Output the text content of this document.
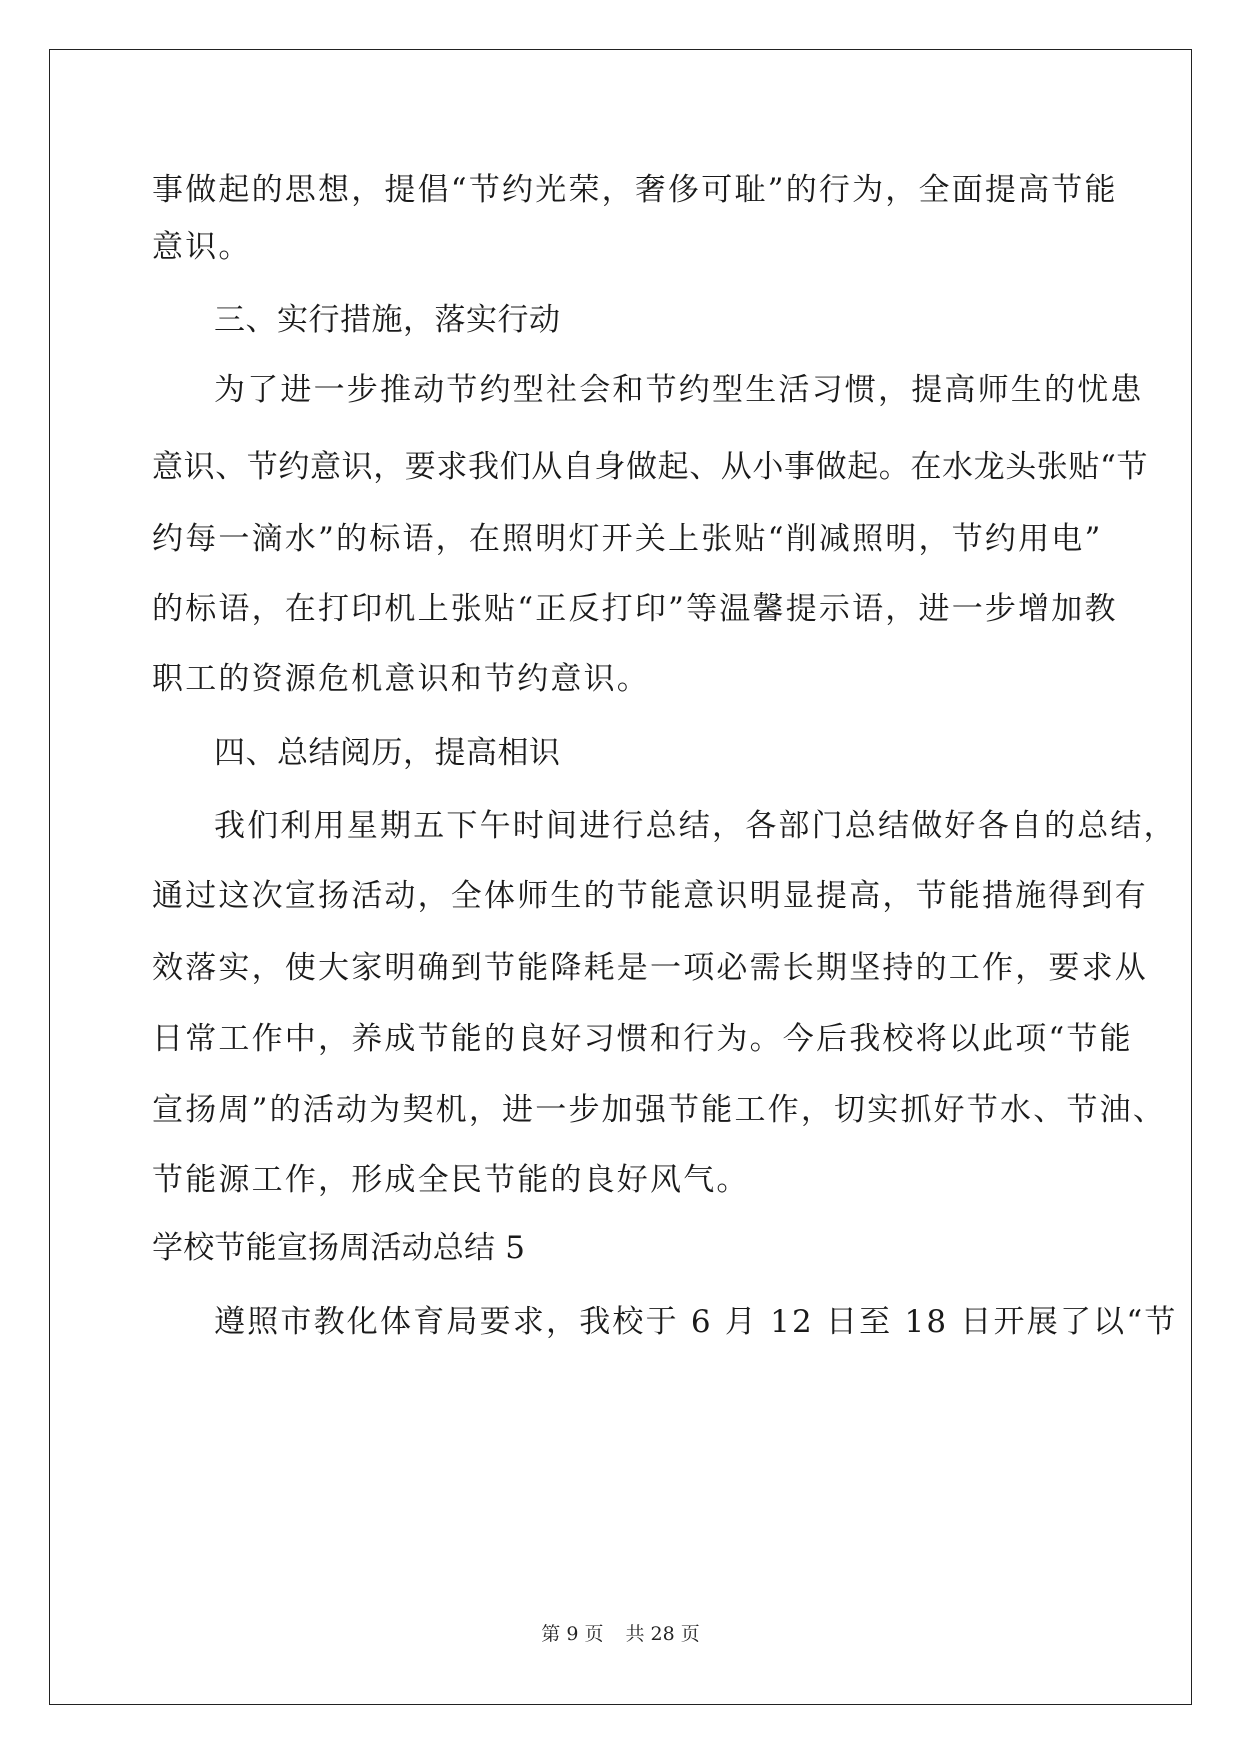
事做起的思想，提倡“节约光荣，奢侈可耻”的行为，全面提高节能
意识。
三、实行措施，落实行动
为了进一步推动节约型社会和节约型生活习惯，提高师生的忧患
意识、节约意识，要求我们从自身做起、从小事做起。在水龙头张贴“节
约每一滴水”的标语，在照明灯开关上张贴“削减照明，节约用电”
的标语，在打印机上张贴“正反打印”等温馨提示语，进一步增加教
职工的资源危机意识和节约意识。
四、总结阅历，提高相识
我们利用星期五下午时间进行总结，各部门总结做好各自的总结，
通过这次宣扬活动，全体师生的节能意识明显提高，节能措施得到有
效落实，使大家明确到节能降耗是一项必需长期坚持的工作，要求从
日常工作中，养成节能的良好习惯和行为。今后我校将以此项“节能
宣扬周”的活动为契机，进一步加强节能工作，切实抓好节水、节油、
节能源工作，形成全民节能的良好风气。
学校节能宣扬周活动总结 5
遵照市教化体育局要求，我校于 6 月 12 日至 18 日开展了以“节
第 9 页 共 28 页
